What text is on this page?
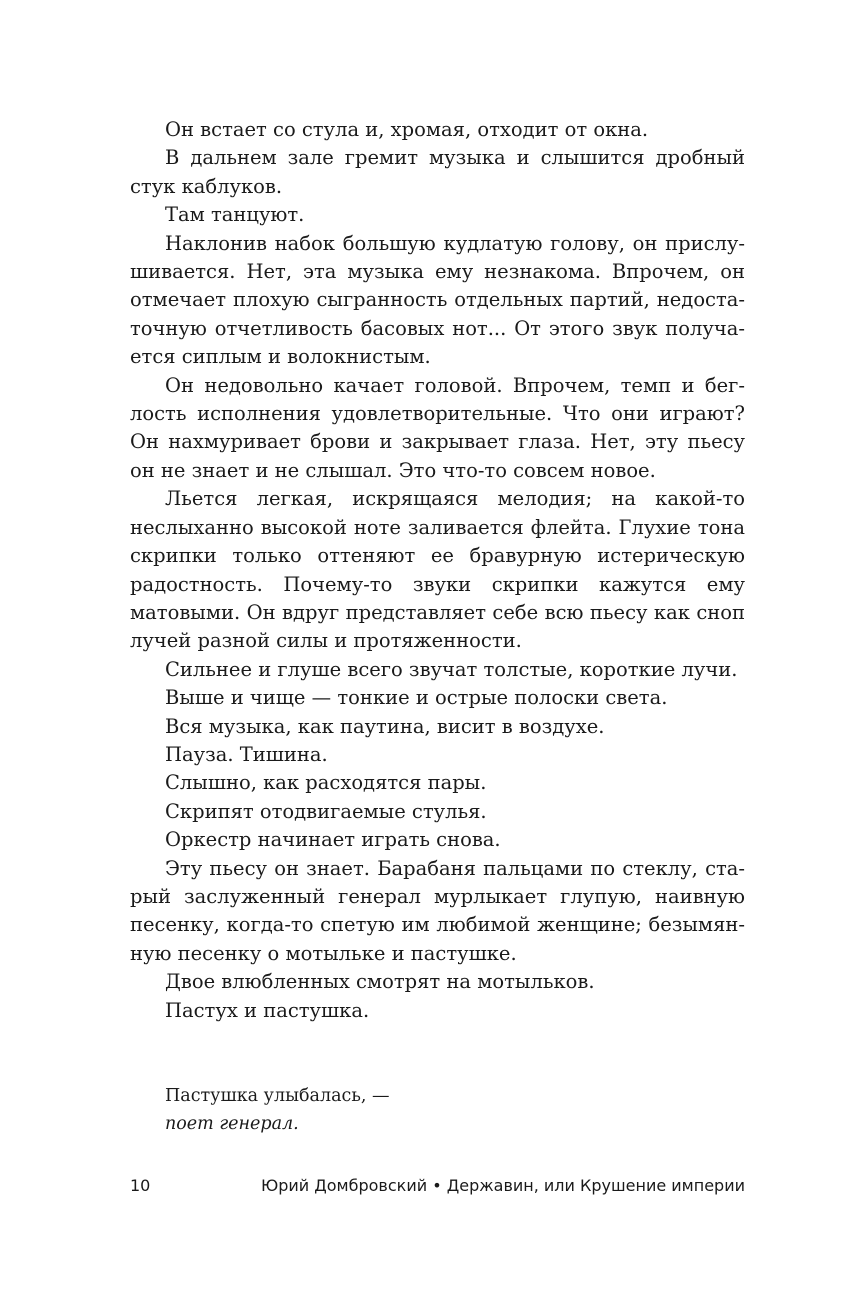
Он встает со стула и, хромая, отходит от окна.

В дальнем зале гремит музыка и слышится дробный стук каблуков.

Там танцуют.

Наклонив набок большую кудлатую голову, он прислушивается. Нет, эта музыка ему незнакома. Впрочем, он отмечает плохую сыгранность отдельных партий, недостаточную отчетливость басовых нот... От этого звук получается сиплым и волокнистым.

Он недовольно качает головой. Впрочем, темп и беглость исполнения удовлетворительные. Что они играют? Он нахмуривает брови и закрывает глаза. Нет, эту пьесу он не знает и не слышал. Это что-то совсем новое.

Льется легкая, искрящаяся мелодия; на какой-то неслыханно высокой ноте заливается флейта. Глухие тона скрипки только оттеняют ее бравурную истерическую радостность. Почему-то звуки скрипки кажутся ему матовыми. Он вдруг представляет себе всю пьесу как сноп лучей разной силы и протяженности.

Сильнее и глуше всего звучат толстые, короткие лучи.

Выше и чище — тонкие и острые полоски света.

Вся музыка, как паутина, висит в воздухе.

Пауза. Тишина.

Слышно, как расходятся пары.

Скрипят отодвигаемые стулья.

Оркестр начинает играть снова.

Эту пьесу он знает. Барабаня пальцами по стеклу, старый заслуженный генерал мурлыкает глупую, наивную песенку, когда-то спетую им любимой женщине; безымянную песенку о мотыльке и пастушке.

Двое влюбленных смотрят на мотыльков.

Пастух и пастушка.

Пастушка улыбалась, —
поет генерал.
10	Юрий Домбровский • Державин, или Крушение империи
